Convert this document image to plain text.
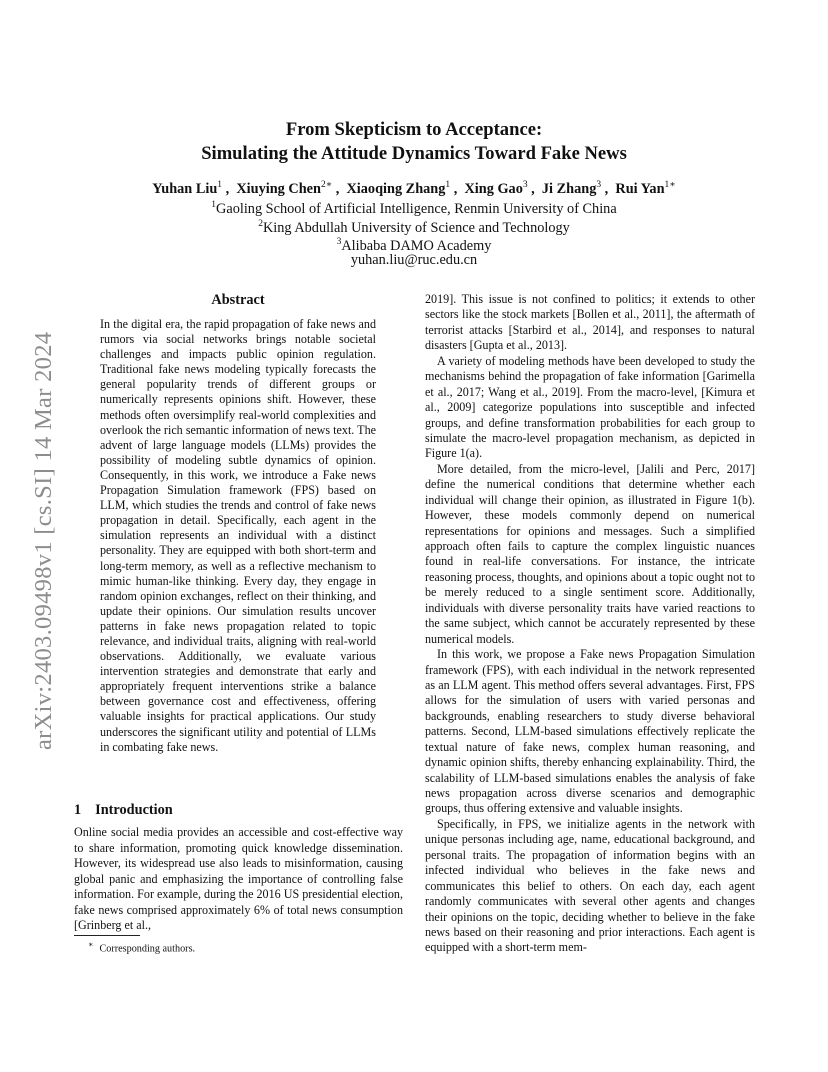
arXiv:2403.09498v1 [cs.SI] 14 Mar 2024
From Skepticism to Acceptance:
Simulating the Attitude Dynamics Toward Fake News
Yuhan Liu$^1$ ,  Xiuying Chen$^{2∗}$ ,  Xiaoqing Zhang$^1$ ,  Xing Gao$^3$ ,  Ji Zhang$^3$ ,  Rui Yan$^{1∗}$
$^1$Gaoling School of Artificial Intelligence, Renmin University of China
$^2$King Abdullah University of Science and Technology
$^3$Alibaba DAMO Academy
yuhan.liu@ruc.edu.cn
Abstract
In the digital era, the rapid propagation of fake news and rumors via social networks brings notable societal challenges and impacts public opinion regulation. Traditional fake news modeling typically forecasts the general popularity trends of different groups or numerically represents opinions shift. However, these methods often oversimplify real-world complexities and overlook the rich semantic information of news text. The advent of large language models (LLMs) provides the possibility of modeling subtle dynamics of opinion. Consequently, in this work, we introduce a Fake news Propagation Simulation framework (FPS) based on LLM, which studies the trends and control of fake news propagation in detail. Specifically, each agent in the simulation represents an individual with a distinct personality. They are equipped with both short-term and long-term memory, as well as a reflective mechanism to mimic human-like thinking. Every day, they engage in random opinion exchanges, reflect on their thinking, and update their opinions. Our simulation results uncover patterns in fake news propagation related to topic relevance, and individual traits, aligning with real-world observations. Additionally, we evaluate various intervention strategies and demonstrate that early and appropriately frequent interventions strike a balance between governance cost and effectiveness, offering valuable insights for practical applications. Our study underscores the significant utility and potential of LLMs in combating fake news.
1 Introduction
Online social media provides an accessible and cost-effective way to share information, promoting quick knowledge dissemination. However, its widespread use also leads to misinformation, causing global panic and emphasizing the importance of controlling false information. For example, during the 2016 US presidential election, fake news comprised approximately 6% of total news consumption [Grinberg et al.,
∗ Corresponding authors.

2019]. This issue is not confined to politics; it extends to other sectors like the stock markets [Bollen et al., 2011], the aftermath of terrorist attacks [Starbird et al., 2014], and responses to natural disasters [Gupta et al., 2013].

A variety of modeling methods have been developed to study the mechanisms behind the propagation of fake information [Garimella et al., 2017; Wang et al., 2019]. From the macro-level, [Kimura et al., 2009] categorize populations into susceptible and infected groups, and define transformation probabilities for each group to simulate the macro-level propagation mechanism, as depicted in Figure 1(a).

More detailed, from the micro-level, [Jalili and Perc, 2017] define the numerical conditions that determine whether each individual will change their opinion, as illustrated in Figure 1(b). However, these models commonly depend on numerical representations for opinions and messages. Such a simplified approach often fails to capture the complex linguistic nuances found in real-life conversations. For instance, the intricate reasoning process, thoughts, and opinions about a topic ought not to be merely reduced to a single sentiment score. Additionally, individuals with diverse personality traits have varied reactions to the same subject, which cannot be accurately represented by these numerical models.

In this work, we propose a Fake news Propagation Simulation framework (FPS), with each individual in the network represented as an LLM agent. This method offers several advantages. First, FPS allows for the simulation of users with varied personas and backgrounds, enabling researchers to study diverse behavioral patterns. Second, LLM-based simulations effectively replicate the textual nature of fake news, complex human reasoning, and dynamic opinion shifts, thereby enhancing explainability. Third, the scalability of LLM-based simulations enables the analysis of fake news propagation across diverse scenarios and demographic groups, thus offering extensive and valuable insights.

Specifically, in FPS, we initialize agents in the network with unique personas including age, name, educational background, and personal traits. The propagation of information begins with an infected individual who believes in the fake news and communicates this belief to others. On each day, each agent randomly communicates with several other agents and changes their opinions on the topic, deciding whether to believe in the fake news based on their reasoning and prior interactions. Each agent is equipped with a short-term mem-
